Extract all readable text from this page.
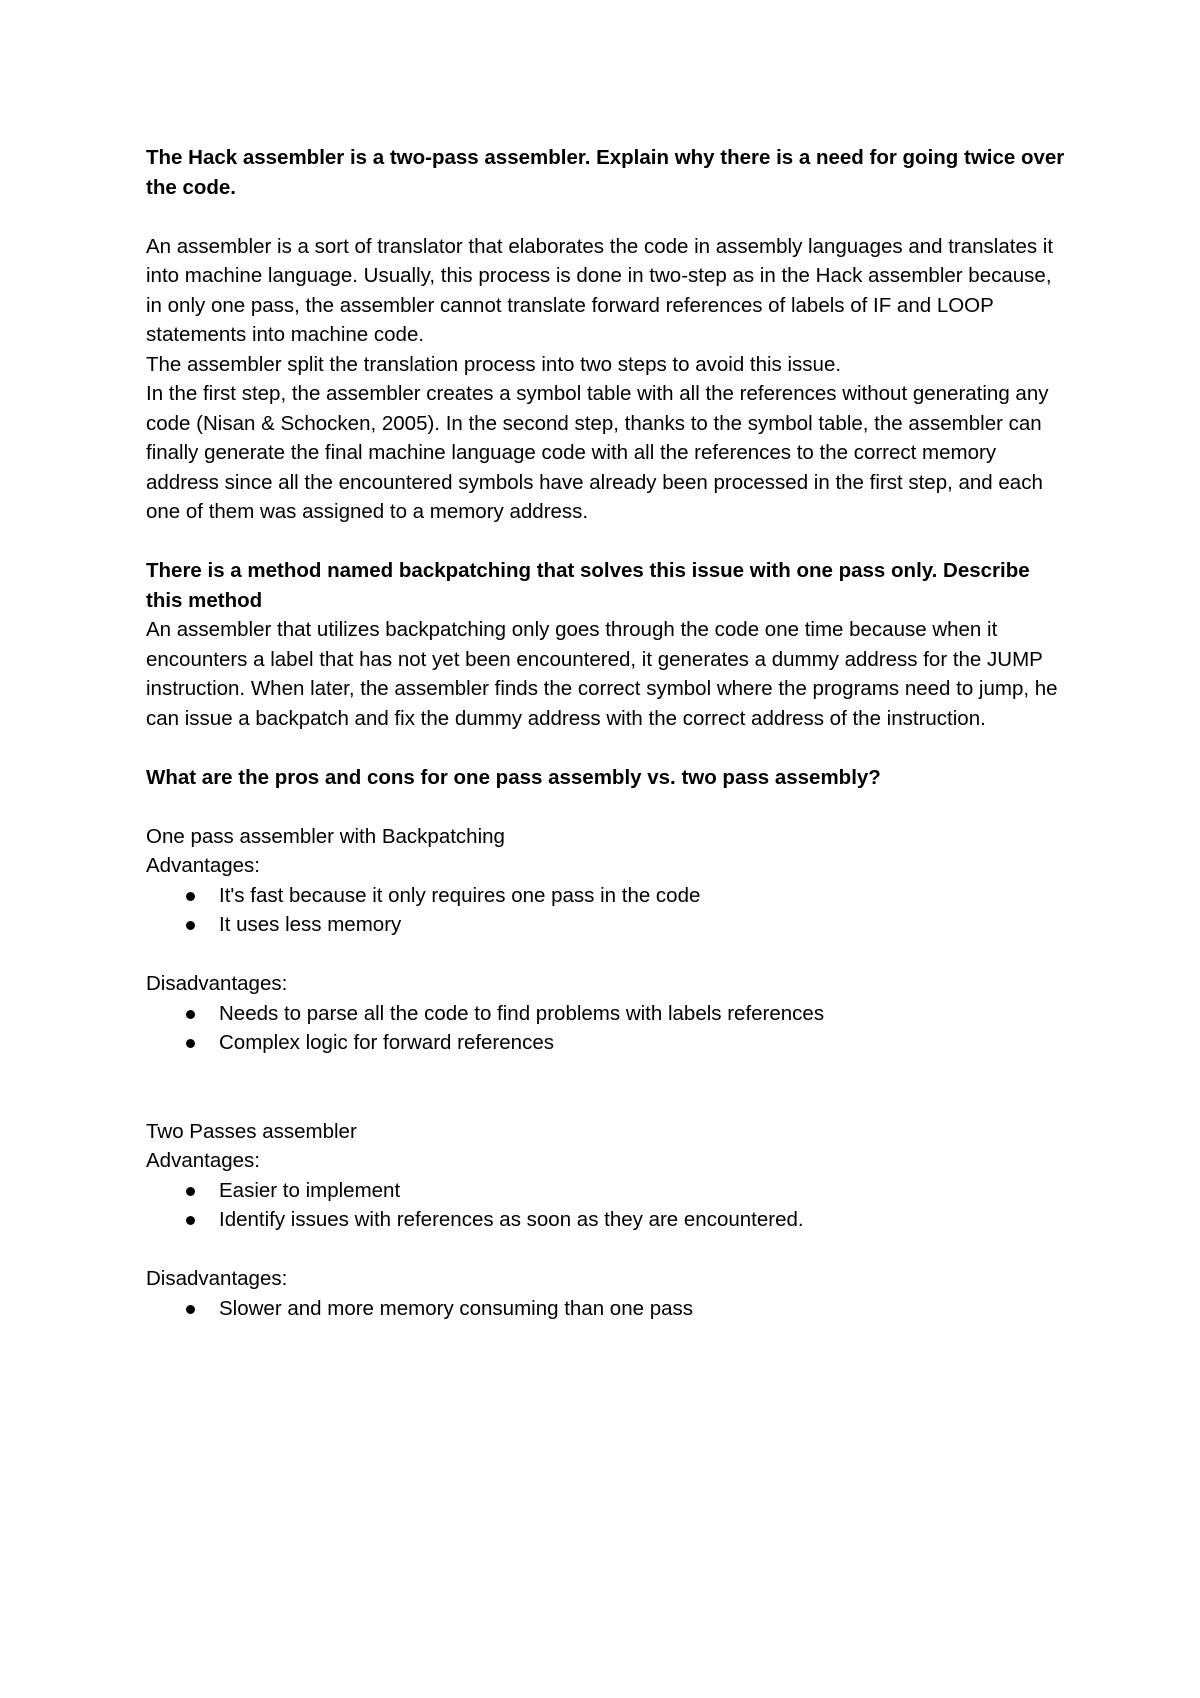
The Hack assembler is a two-pass assembler. Explain why there is a need for going twice over the code.

An assembler is a sort of translator that elaborates the code in assembly languages and translates it into machine language. Usually, this process is done in two-step as in the Hack assembler because, in only one pass, the assembler cannot translate forward references of labels of IF and LOOP statements into machine code.

The assembler split the translation process into two steps to avoid this issue.

In the first step, the assembler creates a symbol table with all the references without generating any code (Nisan & Schocken, 2005). In the second step, thanks to the symbol table, the assembler can finally generate the final machine language code with all the references to the correct memory address since all the encountered symbols have already been processed in the first step, and each one of them was assigned to a memory address.

There is a method named backpatching that solves this issue with one pass only. Describe this method

An assembler that utilizes backpatching only goes through the code one time because when it encounters a label that has not yet been encountered, it generates a dummy address for the JUMP instruction. When later, the assembler finds the correct symbol where the programs need to jump, he can issue a backpatch and fix the dummy address with the correct address of the instruction.

What are the pros and cons for one pass assembly vs. two pass assembly?

One pass assembler with Backpatching

Advantages:

It's fast because it only requires one pass in the code
It uses less memory

Disadvantages:

Needs to parse all the code to find problems with labels references
Complex logic for forward references

Two Passes assembler

Advantages:

Easier to implement
Identify issues with references as soon as they are encountered.

Disadvantages:

Slower and more memory consuming than one pass
